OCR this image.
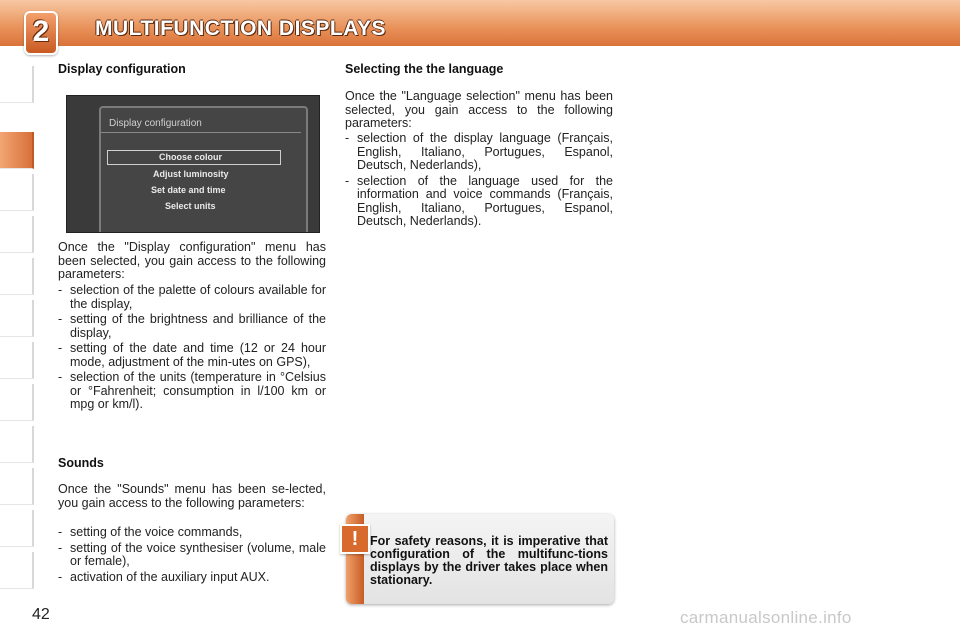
2	MULTIFUNCTION DISPLAYS
Display configuration
Display configuration
Choose colour
Adjust luminosity
Set date and time
Select units

Once the "Display configuration" menu has been selected, you gain access to the following parameters:

- selection of the palette of colours available for the display,
- setting of the brightness and brilliance of the display,
- setting of the date and time (12 or 24 hour mode, adjustment of the min-utes on GPS),
- selection of the units (temperature in °Celsius or °Fahrenheit; consumption in l/100 km or mpg or km/l).
Sounds

Once the "Sounds" menu has been se-lected, you gain access to the following parameters:

- setting of the voice commands,
- setting of the voice synthesiser (volume, male or female),
- activation of the auxiliary input AUX.
Selecting the the language

Once the "Language selection" menu has been selected, you gain access to the following parameters:

- selection of the display language (Français, English, Italiano, Portugues, Espanol, Deutsch, Nederlands),
- selection of the language used for the information and voice commands (Français, English, Italiano, Portugues, Espanol, Deutsch, Nederlands).
! For safety reasons, it is imperative that configuration of the multifunc-tions displays by the driver takes place when stationary.
42	carmanualsonline.info
